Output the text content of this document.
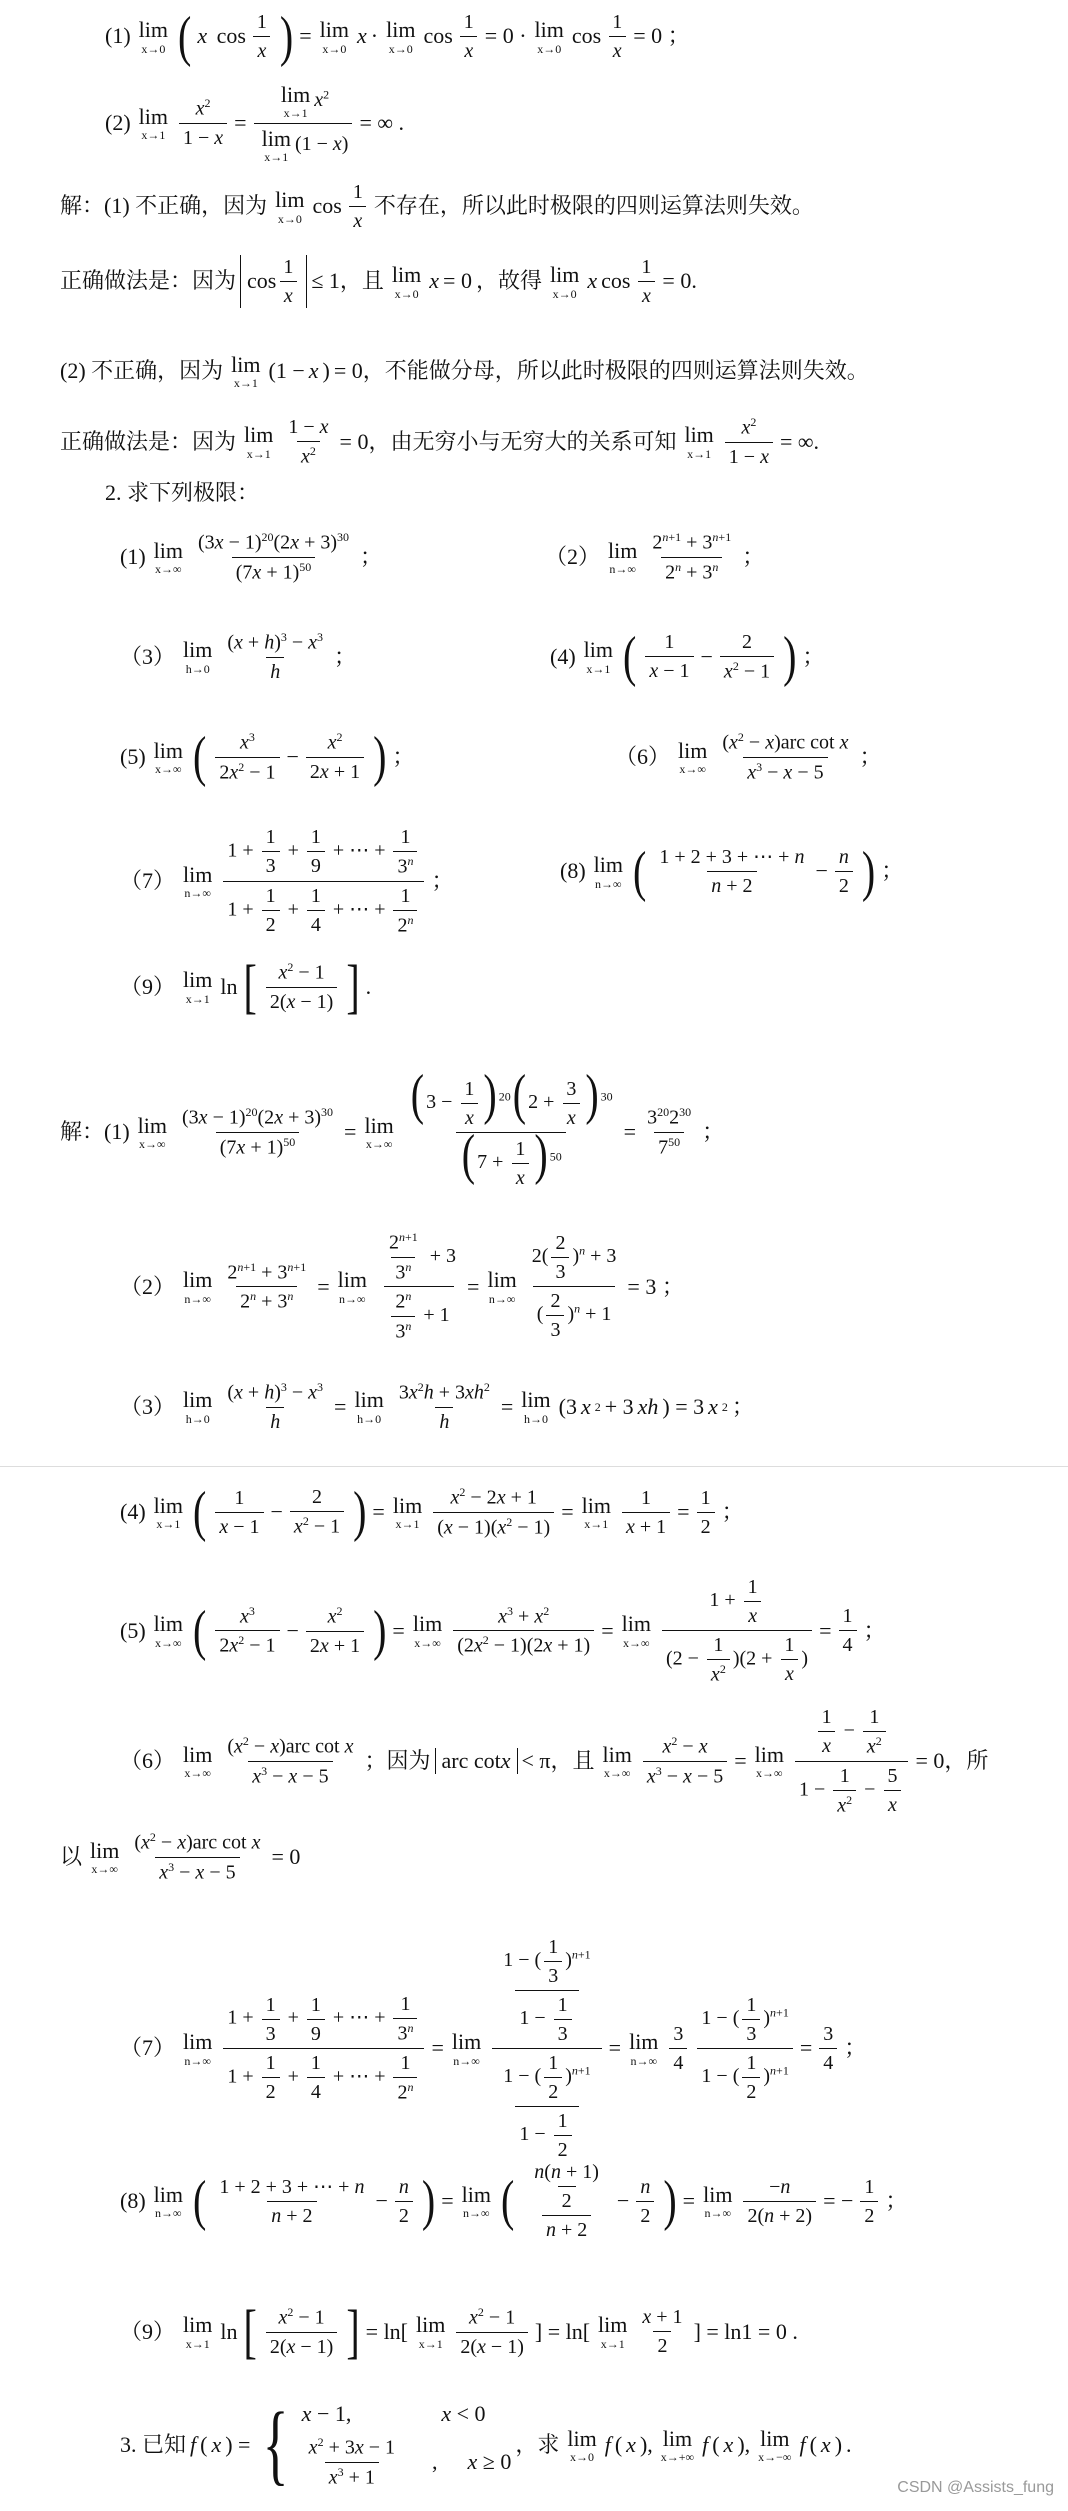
(1) lim
x→0 ( x $\cos \frac{1}{x}$ ) = lim
x→0
x · lim
x→0
$\cos \frac{1}{x} = 0 \cdot \lim$
x→0
$\cos \frac{1}{x} = 0$ ；
(2) lim
$x\to 1 \frac{x^2}{1 - x} = \lim$
x→1
$x^2$
lim
x→1
(1 − x) = ∞ .
解：(1) 不正确，因为 lim
x→0
$\cos \frac{1}{x}$ 不存在，所以此时极限的四则运算法则失效。
正确做法是：因为 $\cos \frac{1}{x} \le 1$，且 lim
x→0
x = 0 ，故得 lim
x→0
x $\cos \frac{1}{x} = 0$.
(2) 不正确，因为 lim
x→1
(1 − x ) = 0，不能做分母，所以此时极限的四则运算法则失效。
正确做法是：因为 lim
$x\to 1 \frac{1 - x}{x^2} = 0$，由无穷小与无穷大的关系可知 lim
$x\to 1 \frac{x^2}{1 - x}$ = ∞.
2. 求下列极限：
(1) lim
$x\to\infty \frac{(3x - 1)^{20}(2x + 3)^{30}}{(7x + 1)^{50}}$ ；	（2） lim
$n\to\infty \frac{2^{n+1} + 3^{n+1}}{2^n + 3^n}$ ；
（3） lim
$h\to 0 \frac{(x + h)^3 - x^3}{h}$ ；	(4) lim
x→1 ( $\frac{1}{x - 1} - \frac{2}{x^2 - 1}$ ) ；
(5) lim
x→∞ ( $\frac{x^3}{2x^2 - 1} - \frac{x^2}{2x + 1}$ ) ；	（6） lim
$x\to\infty \frac{(x^2 - x)arc \cot x}{x^3 - x - 5}$ ；
（7） lim
$n\to\infty \frac{1 + \frac{1}{3} + \frac{1}{9} + \cdots + \frac{1}{3^n}}{1 + \frac{1}{2} + \frac{1}{4} + \cdots + \frac{1}{2^n}}$ ；	(8) lim
n→∞ ( $\frac{1 + 2 + 3 + \cdots + n}{n + 2} - \frac{n}{2}$ ) ；
（9） lim
x→1
ln [ $\frac{x^2 - 1}{2(x - 1)}$ ] .
解：(1) lim
$x\to\infty \frac{(3x - 1)^{20}(2x + 3)^{30}}{(7x + 1)^{50}} = \lim$
$x\to\infty \frac{( 3 - \frac{1}{x} ) ^{20}( 2 + \frac{3}{x} ) ^{30}}{( 7 + \frac{1}{x} ) ^{50}} = \frac{3^{20}2^{30}}{7^{50}}$ ；
（2） lim
$n\to\infty \frac{2^{n+1} + 3^{n+1}}{2^n + 3^n} = \lim$
$n\to\infty \frac{\frac{2^{n+1}}{3^n} + 3}{\frac{2^n}{3^n} + 1} = \lim$
$n\to\infty \frac{2( \frac{2}{3} )^n + 3}{( \frac{2}{3} )^n + 1} = 3$ ；
（3） lim
$h\to 0 \frac{(x + h)^3 - x^3}{h} = \lim$
$h\to 0 \frac{3x^2h + 3xh^2}{h} = \lim$
h→0
(3 x 2 + 3 xh ) = 3 x 2 ；
(4) lim
x→1 ( $\frac{1}{x - 1} - \frac{2}{x^2 - 1}$ ) = lim
$x\to 1 \frac{x^2 - 2x + 1}{(x - 1)(x^2 - 1)} = \lim$
$x\to 1 \frac{1}{x + 1} = \frac{1}{2}$ ；
(5) lim
x→∞ ( $\frac{x^3}{2x^2 - 1} - \frac{x^2}{2x + 1}$ ) = lim
$x\to\infty \frac{x^3 + x^2}{(2x^2 - 1)(2x + 1)} = \lim$
$x\to\infty \frac{1 + \frac{1}{x}}{(2 - \frac{1}{x^2} )(2 + \frac{1}{x} )} = \frac{1}{4}$ ；
（6） lim
$x\to\infty \frac{(x^2 - x)arc \cot x}{x^3 - x - 5}$ ；因为 arc cot x < π，且 lim
$x\to\infty \frac{x^2 - x}{x^3 - x - 5} = \lim$
$x\to\infty \frac{\frac{1}{x} - \frac{1}{x^2}}{1 - \frac{1}{x^2} - \frac{5}{x}} = 0$，所
以 lim
$x\to\infty \frac{(x^2 - x)arc \cot x}{x^3 - x - 5} = 0$
（7） lim
$n\to\infty \frac{1 + \frac{1}{3} + \frac{1}{9} + \cdots + \frac{1}{3^n}}{1 + \frac{1}{2} + \frac{1}{4} + \cdots + \frac{1}{2^n}} = \lim$
$n\to\infty \frac{\frac{1 - ( \frac{1}{3} )^{n+1}}{1 - \frac{1}{3}}}{\frac{1 - ( \frac{1}{2} )^{n+1}}{1 - \frac{1}{2}}} = \lim$
$n\to\infty \frac{3}{4} \frac{1 - ( \frac{1}{3} )^{n+1}}{1 - ( \frac{1}{2} )^{n+1}} = \frac{3}{4}$ ；
(8) lim
n→∞ ( $\frac{1 + 2 + 3 + \cdots + n}{n + 2} - \frac{n}{2}$ ) = lim
n→∞ ( $\frac{\frac{n(n + 1)}{2}}{n + 2} - \frac{n}{2}$ ) = lim
$n\to\infty \frac{-n}{2(n + 2)}$ = − $\frac{1}{2}$ ；
（9） lim
x→1
ln [ $\frac{x^2 - 1}{2(x - 1)}$ ] = ln[ lim
$x\to 1 \frac{x^2 - 1}{2(x - 1)}$ ] = ln[ lim
$x\to 1 \frac{x + 1}{2}$ ] = ln1 = 0 .
3. 已知 f ( x ) = { x − 1,	x < 0
$\frac{x^2 + 3x - 1}{x^3 + 1}$ , x ≥ 0
，求 lim
x→0
f ( x ), lim
x→+∞
f ( x ), lim
x→−∞
f ( x ) .
CSDN @Assists_fung
